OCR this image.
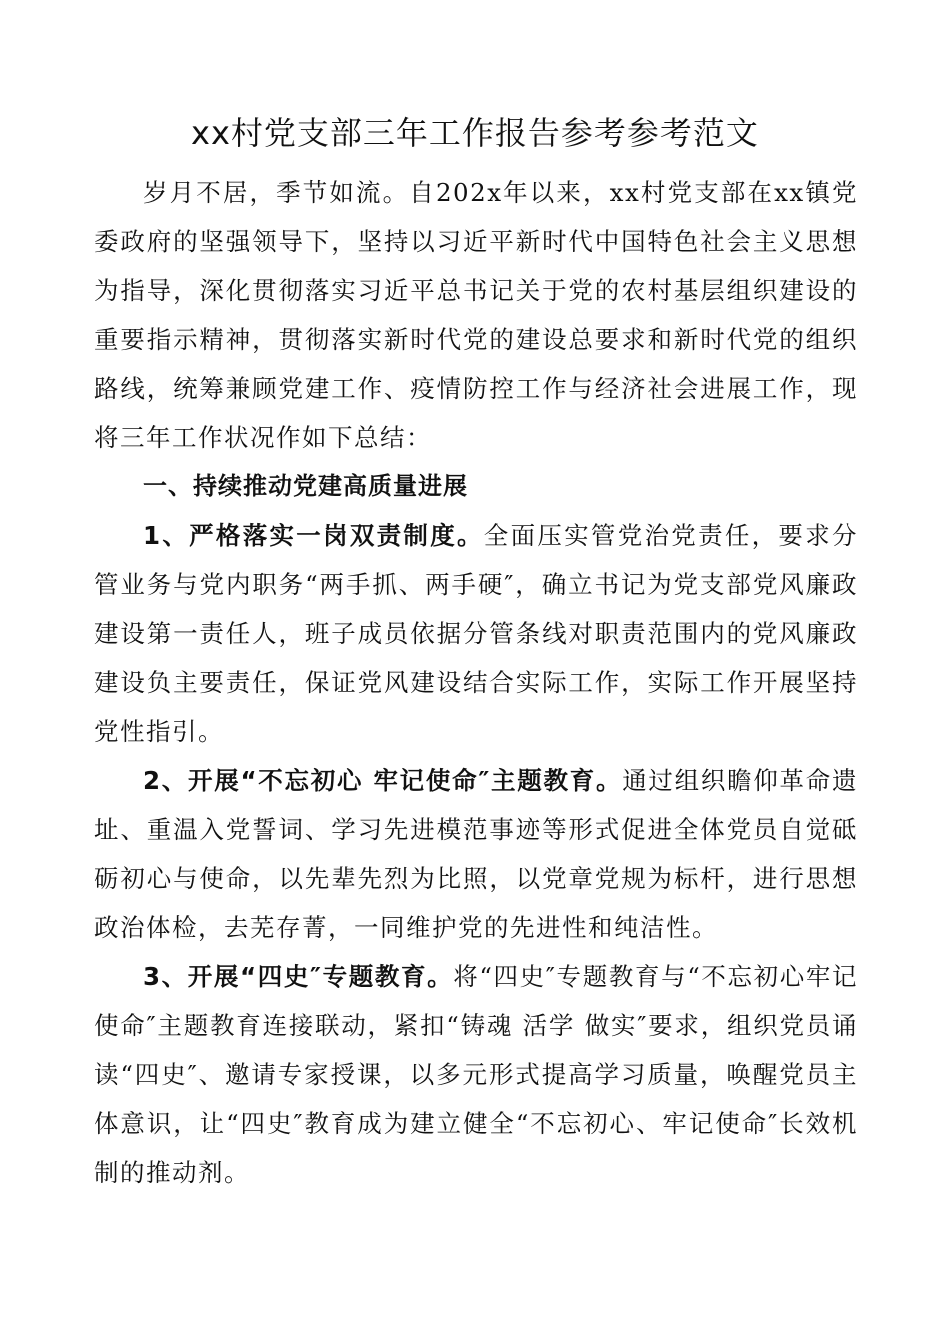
xx村党支部三年工作报告参考参考范文

岁月不居，季节如流。自202x年以来，xx村党支部在xx镇党委政府的坚强领导下，坚持以习近平新时代中国特色社会主义思想为指导，深化贯彻落实习近平总书记关于党的农村基层组织建设的重要指示精神，贯彻落实新时代党的建设总要求和新时代党的组织路线，统筹兼顾党建工作、疫情防控工作与经济社会进展工作，现将三年工作状况作如下总结：

一、持续推动党建高质量进展

1、严格落实一岗双责制度。全面压实管党治党责任，要求分管业务与党内职务“两手抓、两手硬″，确立书记为党支部党风廉政建设第一责任人，班子成员依据分管条线对职责范围内的党风廉政建设负主要责任，保证党风建设结合实际工作，实际工作开展坚持党性指引。

2、开展“不忘初心 牢记使命″主题教育。通过组织瞻仰革命遗址、重温入党誓词、学习先进模范事迹等形式促进全体党员自觉砥砺初心与使命，以先辈先烈为比照，以党章党规为标杆，进行思想政治体检，去芜存菁，一同维护党的先进性和纯洁性。

3、开展“四史″专题教育。将“四史″专题教育与“不忘初心牢记使命″主题教育连接联动，紧扣“铸魂 活学 做实″要求，组织党员诵读“四史″、邀请专家授课，以多元形式提高学习质量，唤醒党员主体意识，让“四史″教育成为建立健全“不忘初心、牢记使命″长效机制的推动剂。
